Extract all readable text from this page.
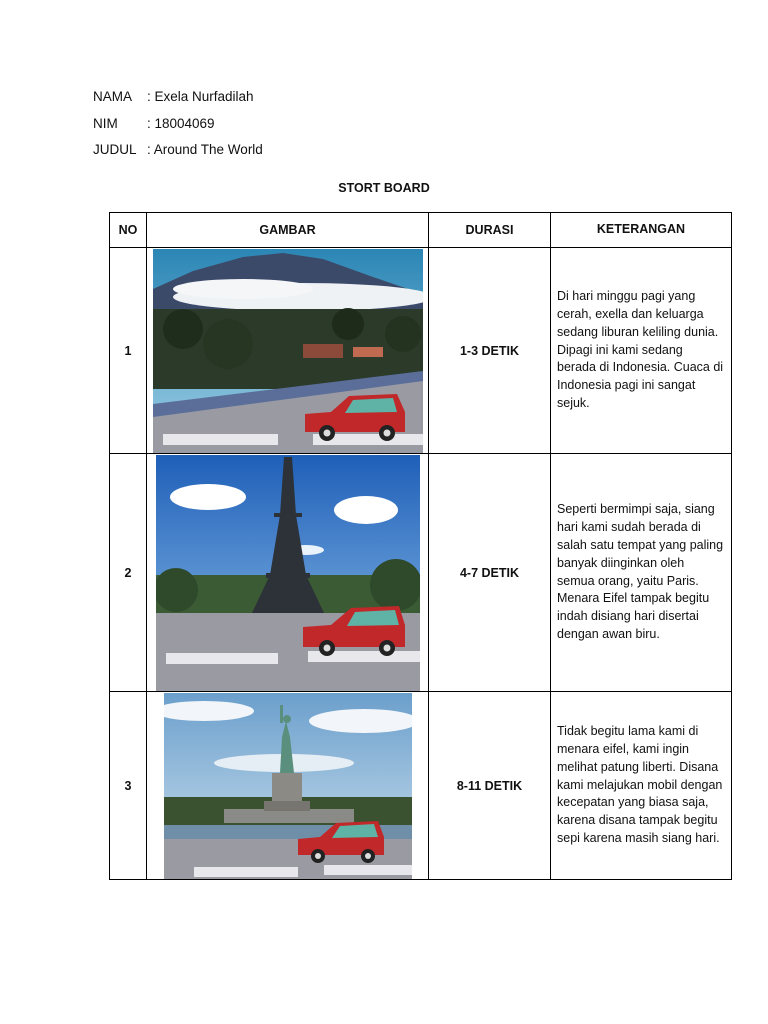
NAMA : Exela Nurfadilah
NIM : 18004069
JUDUL : Around The World
STORT BOARD
NO	GAMBAR	DURASI	KETERANGAN
1		1-3 DETIK	Di hari minggu pagi yang cerah, exella dan keluarga sedang liburan keliling dunia. Dipagi ini kami sedang berada di Indonesia. Cuaca di Indonesia pagi ini sangat sejuk.

2		4-7 DETIK	Seperti bermimpi saja, siang hari kami sudah berada di salah satu tempat yang paling banyak diinginkan oleh semua orang, yaitu Paris. Menara Eifel tampak begitu indah disiang hari disertai dengan awan biru.

3		8-11 DETIK	Tidak begitu lama kami di menara eifel, kami ingin melihat patung liberti. Disana kami melajukan mobil dengan kecepatan yang biasa saja, karena disana tampak begitu sepi karena masih siang hari.
